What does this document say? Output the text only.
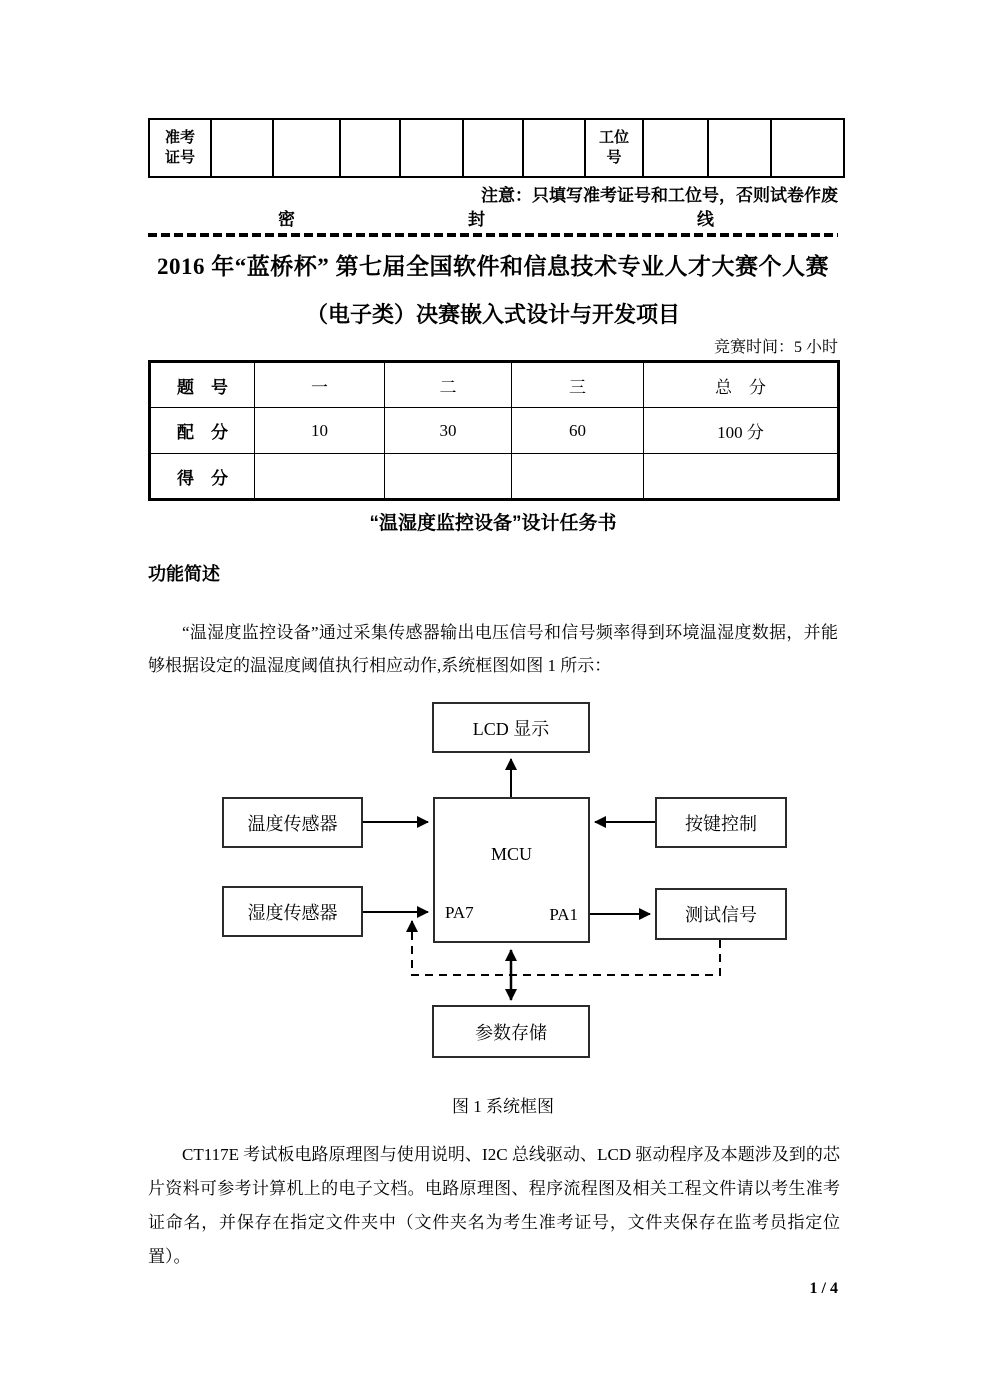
准考
证号							工位
号			
注意：只填写准考证号和工位号，否则试卷作废
密	封	线
2016 年“蓝桥杯” 第七届全国软件和信息技术专业人才大赛个人赛
（电子类）决赛嵌入式设计与开发项目
竞赛时间：5 小时
题　号	一	二	三	总　分
配　分	10	30	60	100 分
得　分				
“温湿度监控设备”设计任务书
功能简述

“温湿度监控设备”通过采集传感器输出电压信号和信号频率得到环境温湿度数据，并能够根据设定的温湿度阈值执行相应动作,系统框图如图 1 所示：

LCD 显示
温度传感器
湿度传感器
按键控制
测试信号
参数存储
MCU
PA7	PA1
图 1 系统框图

CT117E 考试板电路原理图与使用说明、I2C 总线驱动、LCD 驱动程序及本题涉及到的芯片资料可参考计算机上的电子文档。电路原理图、程序流程图及相关工程文件请以考生准考证命名，并保存在指定文件夹中（文件夹名为考生准考证号，文件夹保存在监考员指定位置）。

1 / 4
